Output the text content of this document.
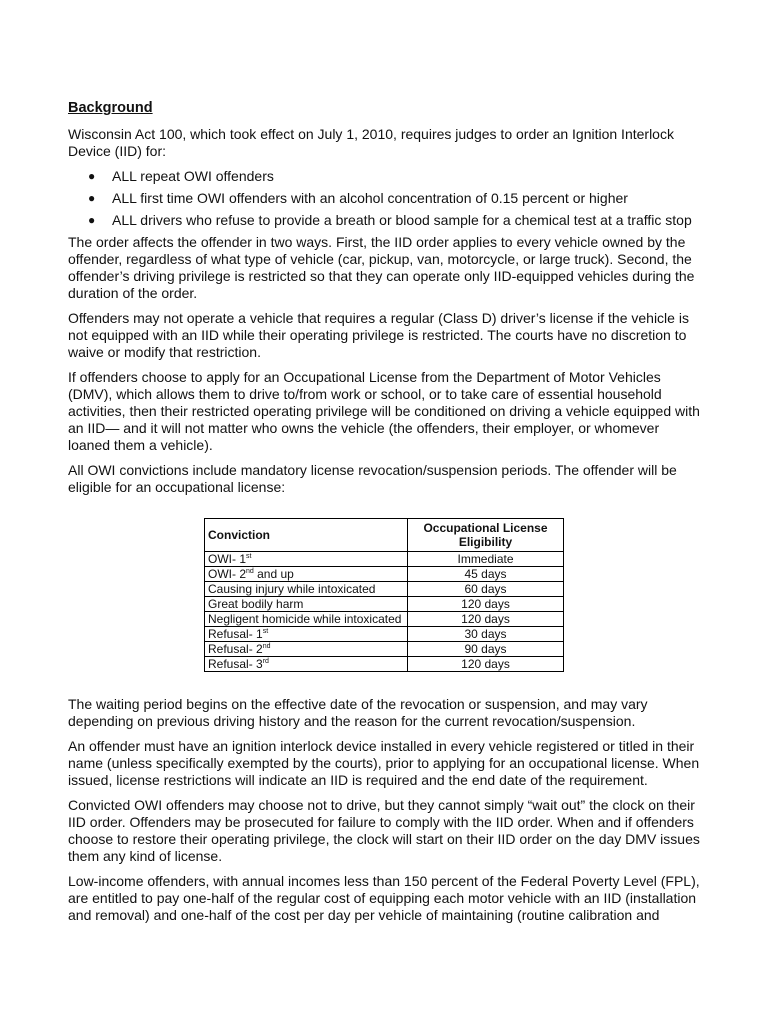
Background

Wisconsin Act 100, which took effect on July 1, 2010, requires judges to order an Ignition Interlock Device (IID) for:

● ALL repeat OWI offenders
● ALL first time OWI offenders with an alcohol concentration of 0.15 percent or higher
● ALL drivers who refuse to provide a breath or blood sample for a chemical test at a traffic stop

The order affects the offender in two ways. First, the IID order applies to every vehicle owned by the offender, regardless of what type of vehicle (car, pickup, van, motorcycle, or large truck). Second, the offender’s driving privilege is restricted so that they can operate only IID-equipped vehicles during the duration of the order.

Offenders may not operate a vehicle that requires a regular (Class D) driver’s license if the vehicle is not equipped with an IID while their operating privilege is restricted. The courts have no discretion to waive or modify that restriction.

If offenders choose to apply for an Occupational License from the Department of Motor Vehicles (DMV), which allows them to drive to/from work or school, or to take care of essential household activities, then their restricted operating privilege will be conditioned on driving a vehicle equipped with an IID— and it will not matter who owns the vehicle (the offenders, their employer, or whomever loaned them a vehicle).

All OWI convictions include mandatory license revocation/suspension periods. The offender will be eligible for an occupational license:

Conviction	Occupational License Eligibility
OWI- 1st	Immediate
OWI- 2nd and up	45 days
Causing injury while intoxicated	60 days
Great bodily harm	120 days
Negligent homicide while intoxicated	120 days
Refusal- 1st	30 days
Refusal- 2nd	90 days
Refusal- 3rd	120 days

The waiting period begins on the effective date of the revocation or suspension, and may vary depending on previous driving history and the reason for the current revocation/suspension.

An offender must have an ignition interlock device installed in every vehicle registered or titled in their name (unless specifically exempted by the courts), prior to applying for an occupational license. When issued, license restrictions will indicate an IID is required and the end date of the requirement.

Convicted OWI offenders may choose not to drive, but they cannot simply “wait out” the clock on their IID order. Offenders may be prosecuted for failure to comply with the IID order. When and if offenders choose to restore their operating privilege, the clock will start on their IID order on the day DMV issues them any kind of license.

Low-income offenders, with annual incomes less than 150 percent of the Federal Poverty Level (FPL), are entitled to pay one-half of the regular cost of equipping each motor vehicle with an IID (installation and removal) and one-half of the cost per day per vehicle of maintaining (routine calibration and
